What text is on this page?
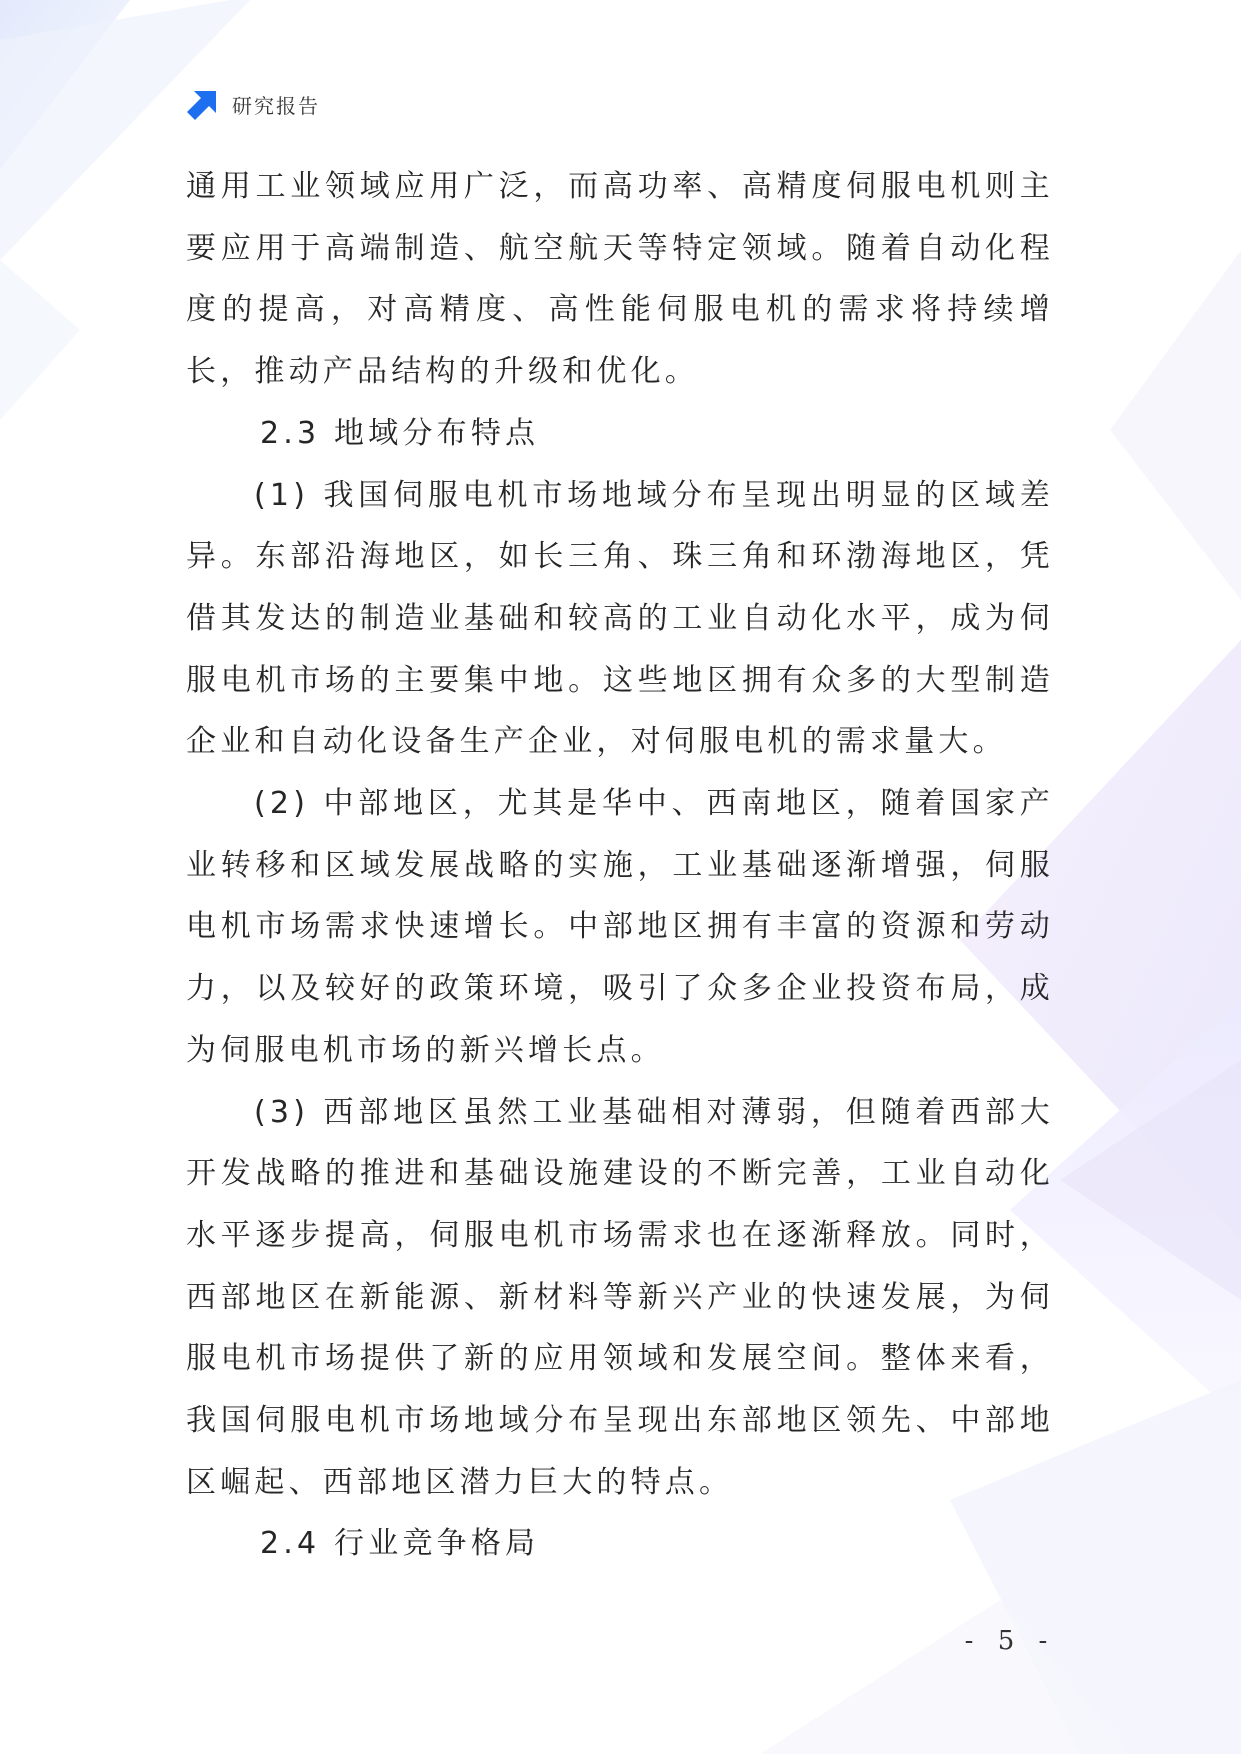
研究报告

通用工业领域应用广泛，而高功率、高精度伺服电机则主要应用于高端制造、航空航天等特定领域。随着自动化程度的提高，对高精度、高性能伺服电机的需求将持续增长，推动产品结构的升级和优化。

2.3 地域分布特点

(1) 我国伺服电机市场地域分布呈现出明显的区域差异。东部沿海地区，如长三角、珠三角和环渤海地区，凭借其发达的制造业基础和较高的工业自动化水平，成为伺服电机市场的主要集中地。这些地区拥有众多的大型制造企业和自动化设备生产企业，对伺服电机的需求量大。

(2) 中部地区，尤其是华中、西南地区，随着国家产业转移和区域发展战略的实施，工业基础逐渐增强，伺服电机市场需求快速增长。中部地区拥有丰富的资源和劳动力，以及较好的政策环境，吸引了众多企业投资布局，成为伺服电机市场的新兴增长点。

(3) 西部地区虽然工业基础相对薄弱，但随着西部大开发战略的推进和基础设施建设的不断完善，工业自动化水平逐步提高，伺服电机市场需求也在逐渐释放。同时，西部地区在新能源、新材料等新兴产业的快速发展，为伺服电机市场提供了新的应用领域和发展空间。整体来看，我国伺服电机市场地域分布呈现出东部地区领先、中部地区崛起、西部地区潜力巨大的特点。

2.4 行业竞争格局

- 5 -
